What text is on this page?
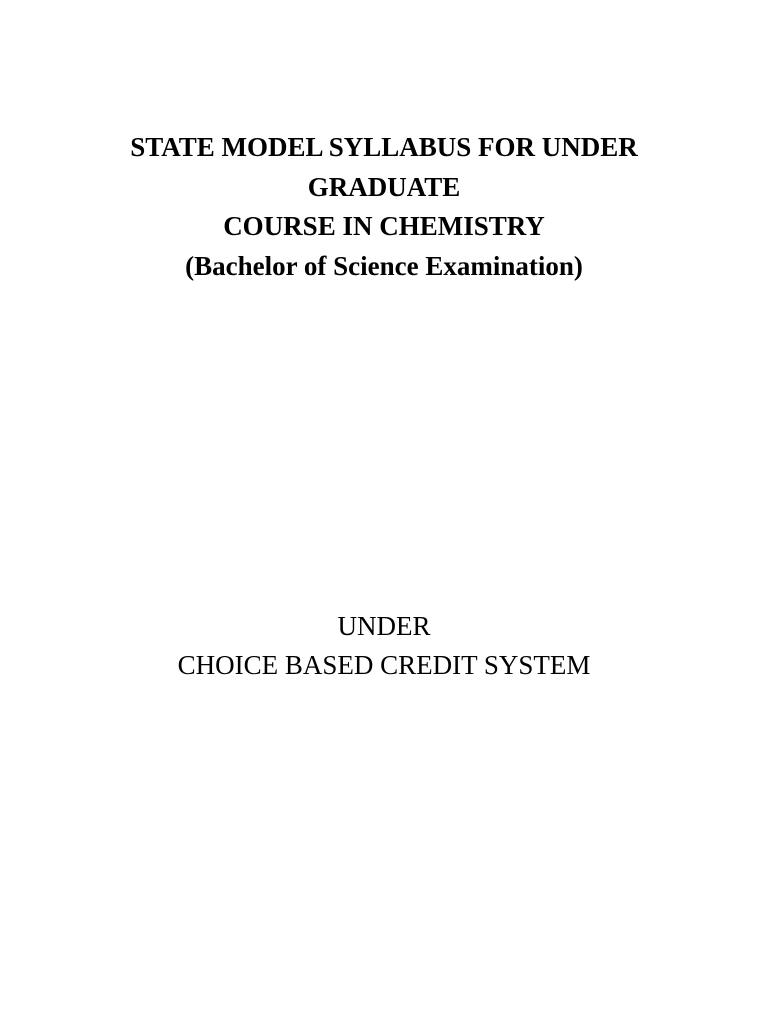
STATE MODEL SYLLABUS FOR UNDER
GRADUATE
COURSE IN CHEMISTRY
(Bachelor of Science Examination)
UNDER
CHOICE BASED CREDIT SYSTEM
